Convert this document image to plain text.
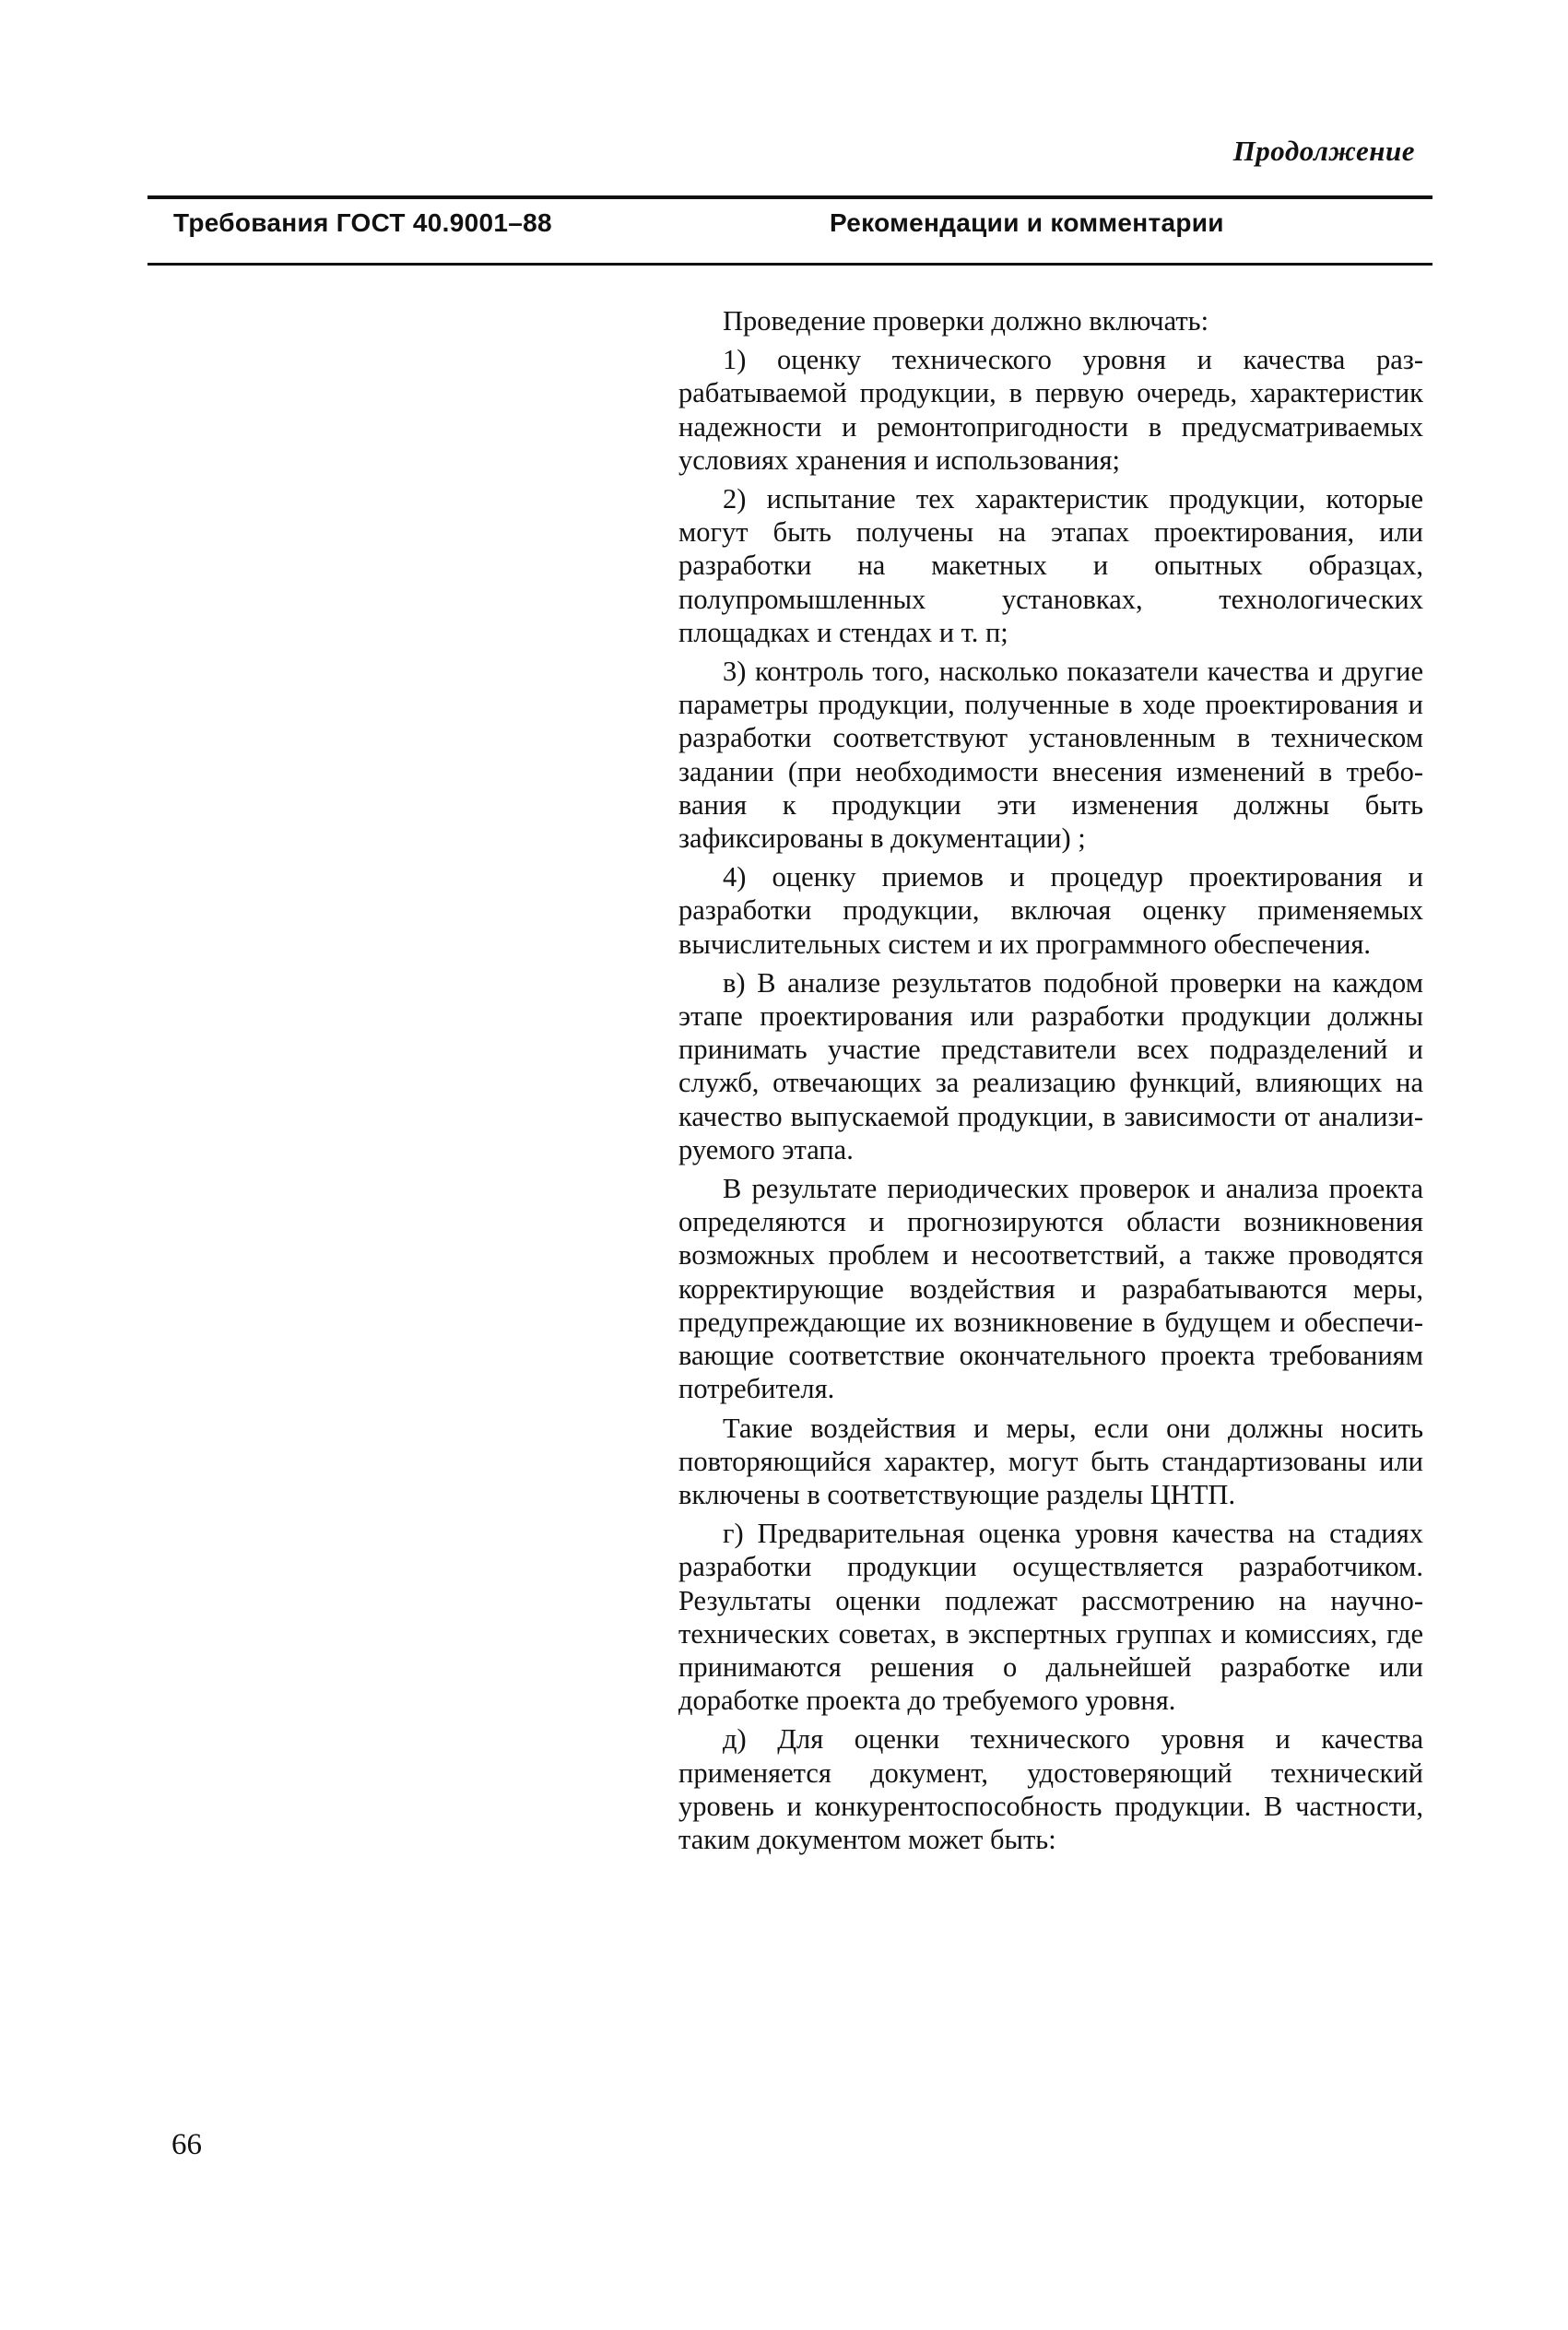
Продолжение
Требования ГОСТ 40.9001–88	Рекомендации и комментарии

Проведение проверки должно включать:

1) оценку технического уровня и качества разрабатываемой продукции, в первую очередь, характеристик надежности и ремонтопригодности в предусматриваемых условиях хранения и использования;

2) испытание тех характеристик продукции, которые могут быть получены на этапах проектирования, или разработки на макетных и опытных образцах, полупромышленных установках, технологических площадках и стендах и т. п;

3) контроль того, насколько показатели качества и другие параметры продукции, полученные в ходе проектирования и разработки соответствуют установленным в техническом задании (при необходимости внесения изменений в требования к продукции эти изменения должны быть зафиксированы в документации) ;

4) оценку приемов и процедур проектирования и разработки продукции, включая оценку применяемых вычислительных систем и их программного обеспечения.

в) В анализе результатов подобной проверки на каждом этапе проектирования или разработки продукции должны принимать участие представители всех подразделений и служб, отвечающих за реализацию функций, влияющих на качество выпускаемой продукции, в зависимости от анализируемого этапа.

В результате периодических проверок и анализа проекта определяются и прогнозируются области возникновения возможных проблем и несоответствий, а также проводятся корректирующие воздействия и разрабатываются меры, предупреждающие их возникновение в будущем и обеспечивающие соответствие окончательного проекта требованиям потребителя.

Такие воздействия и меры, если они должны носить повторяющийся характер, могут быть стандартизованы или включены в соответствующие разделы ЦНТП.

г) Предварительная оценка уровня качества на стадиях разработки продукции осуществляется разработчиком. Результаты оценки подлежат рассмотрению на научно-технических советах, в экспертных группах и комиссиях, где принимаются решения о дальнейшей разработке или доработке проекта до требуемого уровня.

д) Для оценки технического уровня и качества применяется документ, удостоверяющий технический уровень и конкурентоспособность продукции. В частности, таким документом может быть:

66
